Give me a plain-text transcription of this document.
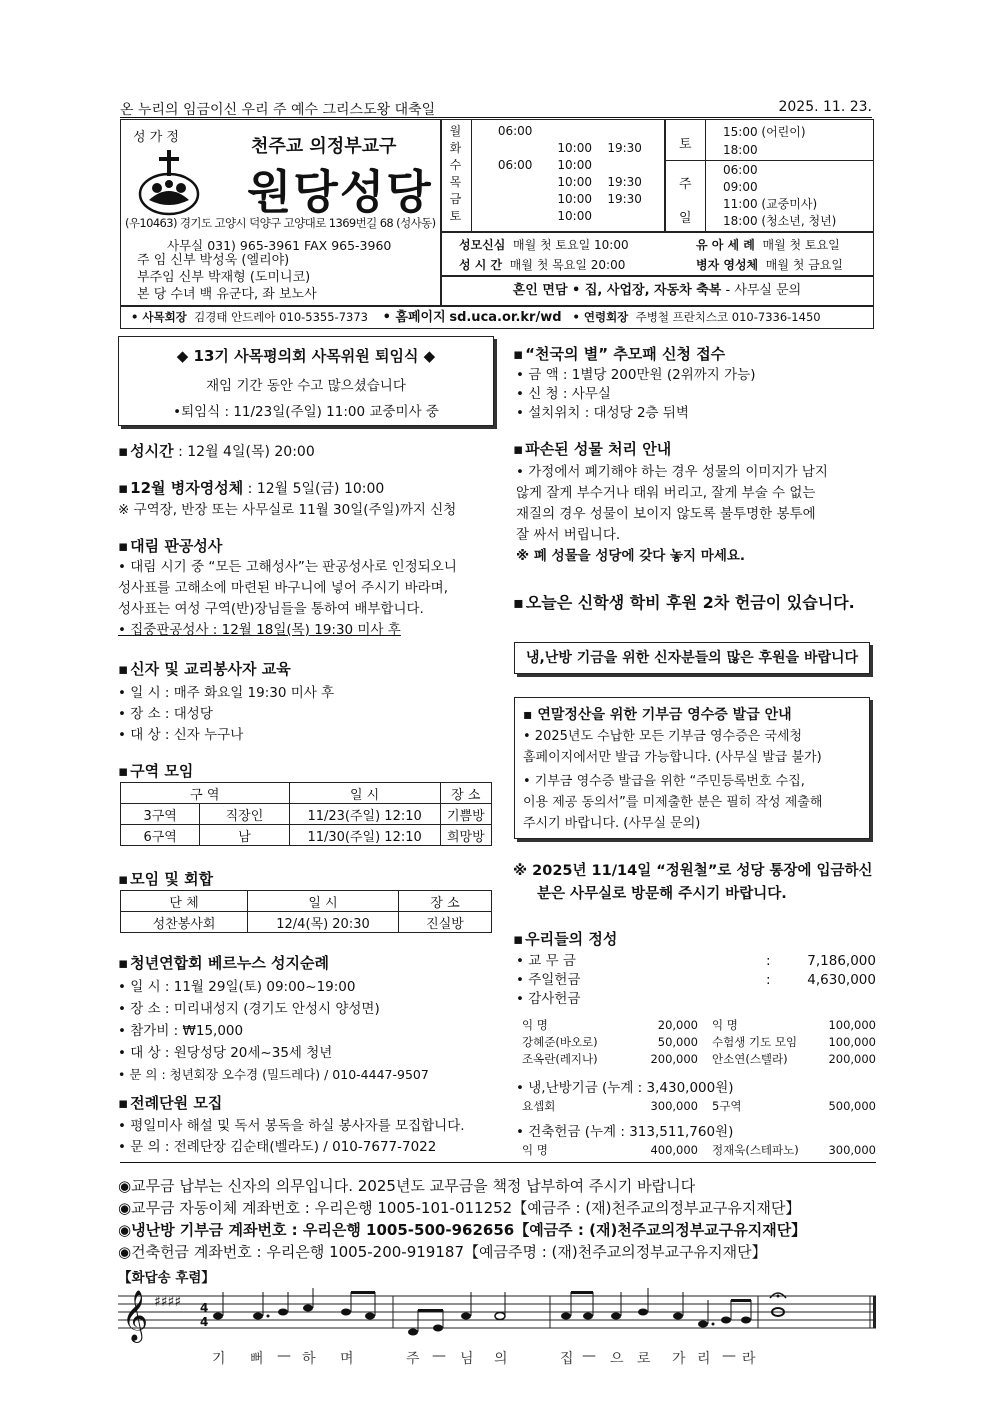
온 누리의 임금이신 우리 주 예수 그리스도왕 대축일	2025. 11. 23.
성 가 정	천주교 의정부교구
원당성당
(우10463) 경기도 고양시 덕양구 고양대로 1369번길 68 (성사동)
사무실 031) 965-3961 FAX 965-3960
주 임 신부 박성욱 (엘리야)
부주임 신부 박재형 (도미니코)
본 당 수녀 백 유군다, 좌 보노사
월	06:00
화	10:00	19:30
수	06:00	10:00
목	10:00	19:30
금	10:00	19:30
토	10:00
토
15:00 (어린이)
18:00
주
일
06:00
09:00
11:00 (교중미사)
18:00 (청소년, 청년)
성모신심 매월 첫 토요일 10:00
성 시 간 매월 첫 목요일 20:00
유 아 세 례 매월 첫 토요일
병자 영성체 매월 첫 금요일
혼인 면담 • 집, 사업장, 자동차 축복 - 사무실 문의
• 사목회장 김경태 안드레아 010-5355-7373 • 홈페이지 sd.uca.or.kr/wd • 연령회장 주병철 프란치스코 010-7336-1450
◆ 13기 사목평의회 사목위원 퇴임식 ◆
재임 기간 동안 수고 많으셨습니다
•퇴임식 : 11/23일(주일) 11:00 교중미사 중
▪ 성시간 : 12월 4일(목) 20:00
▪ 12월 병자영성체 : 12월 5일(금) 10:00
※ 구역장, 반장 또는 사무실로 11월 30일(주일)까지 신청
▪ 대림 판공성사
• 대림 시기 중 “모든 고해성사”는 판공성사로 인정되오니
성사표를 고해소에 마련된 바구니에 넣어 주시기 바라며,
성사표는 여성 구역(반)장님들을 통하여 배부합니다.
• 집중판공성사 : 12월 18일(목) 19:30 미사 후
▪ 신자 및 교리봉사자 교육
• 일 시 : 매주 화요일 19:30 미사 후
• 장 소 : 대성당
• 대 상 : 신자 누구나
▪ 구역 모임
구 역		일 시	장 소
3구역	직장인	11/23(주일) 12:10	기쁨방
6구역	남	11/30(주일) 12:10	희망방
▪ 모임 및 회합
단 체	일 시	장 소
성찬봉사회	12/4(목) 20:30	진실방
▪ 청년연합회 베르누스 성지순례
• 일 시 : 11월 29일(토) 09:00~19:00
• 장 소 : 미리내성지 (경기도 안성시 양성면)
• 참가비 : ₩15,000
• 대 상 : 원당성당 20세~35세 청년
• 문 의 : 청년회장 오수경 (밀드레다) / 010-4447-9507
▪ 전례단원 모집
• 평일미사 해설 및 독서 봉독을 하실 봉사자를 모집합니다.
• 문 의 : 전례단장 김순태(벨라도) / 010-7677-7022
▪ “천국의 별” 추모패 신청 접수
• 금 액 : 1별당 200만원 (2위까지 가능)
• 신 청 : 사무실
• 설치위치 : 대성당 2층 뒤벽
▪ 파손된 성물 처리 안내
• 가정에서 폐기해야 하는 경우 성물의 이미지가 남지
않게 잘게 부수거나 태워 버리고, 잘게 부술 수 없는
재질의 경우 성물이 보이지 않도록 불투명한 봉투에
잘 싸서 버립니다.
※ 폐 성물을 성당에 갖다 놓지 마세요.
▪ 오늘은 신학생 학비 후원 2차 헌금이 있습니다.
냉,난방 기금을 위한 신자분들의 많은 후원을 바랍니다
▪ 연말정산을 위한 기부금 영수증 발급 안내
• 2025년도 수납한 모든 기부금 영수증은 국세청
홈페이지에서만 발급 가능합니다. (사무실 발급 불가)
• 기부금 영수증 발급을 위한 “주민등록번호 수집,
이용 제공 동의서”를 미제출한 분은 필히 작성 제출해
주시기 바랍니다. (사무실 문의)
※ 2025년 11/14일 “정원철”로 성당 통장에 입금하신
분은 사무실로 방문해 주시기 바랍니다.
▪ 우리들의 정성
• 교 무 금	:	7,186,000
• 주일헌금	:	4,630,000
• 감사헌금
익 명	20,000	익 명	100,000
강혜준(바오로)	50,000	수험생 기도 모임	100,000
조옥란(레지나)	200,000	안소연(스텔라)	200,000
• 냉,난방기금 (누계 : 3,430,000원)
요셉회	300,000	5구역	500,000
• 건축헌금 (누계 : 313,511,760원)
익 명	400,000	정재욱(스테파노)	300,000
◉교무금 납부는 신자의 의무입니다. 2025년도 교무금을 책정 납부하여 주시기 바랍니다
◉교무금 자동이체 계좌번호 : 우리은행 1005-101-011252【예금주 : (재)천주교의정부교구유지재단】
◉냉난방 기부금 계좌번호 : 우리은행 1005-500-962656【예금주 : (재)천주교의정부교구유지재단】
◉건축헌금 계좌번호 : 우리은행 1005-200-919187【예금주명 : (재)천주교의정부교구유지재단】
【화답송 후렴】
𝄞 ♯♯♯♯ 4
4
기 뻐 — 하 며	주 — 님 의	집 — 으 로 가 리 — 라
